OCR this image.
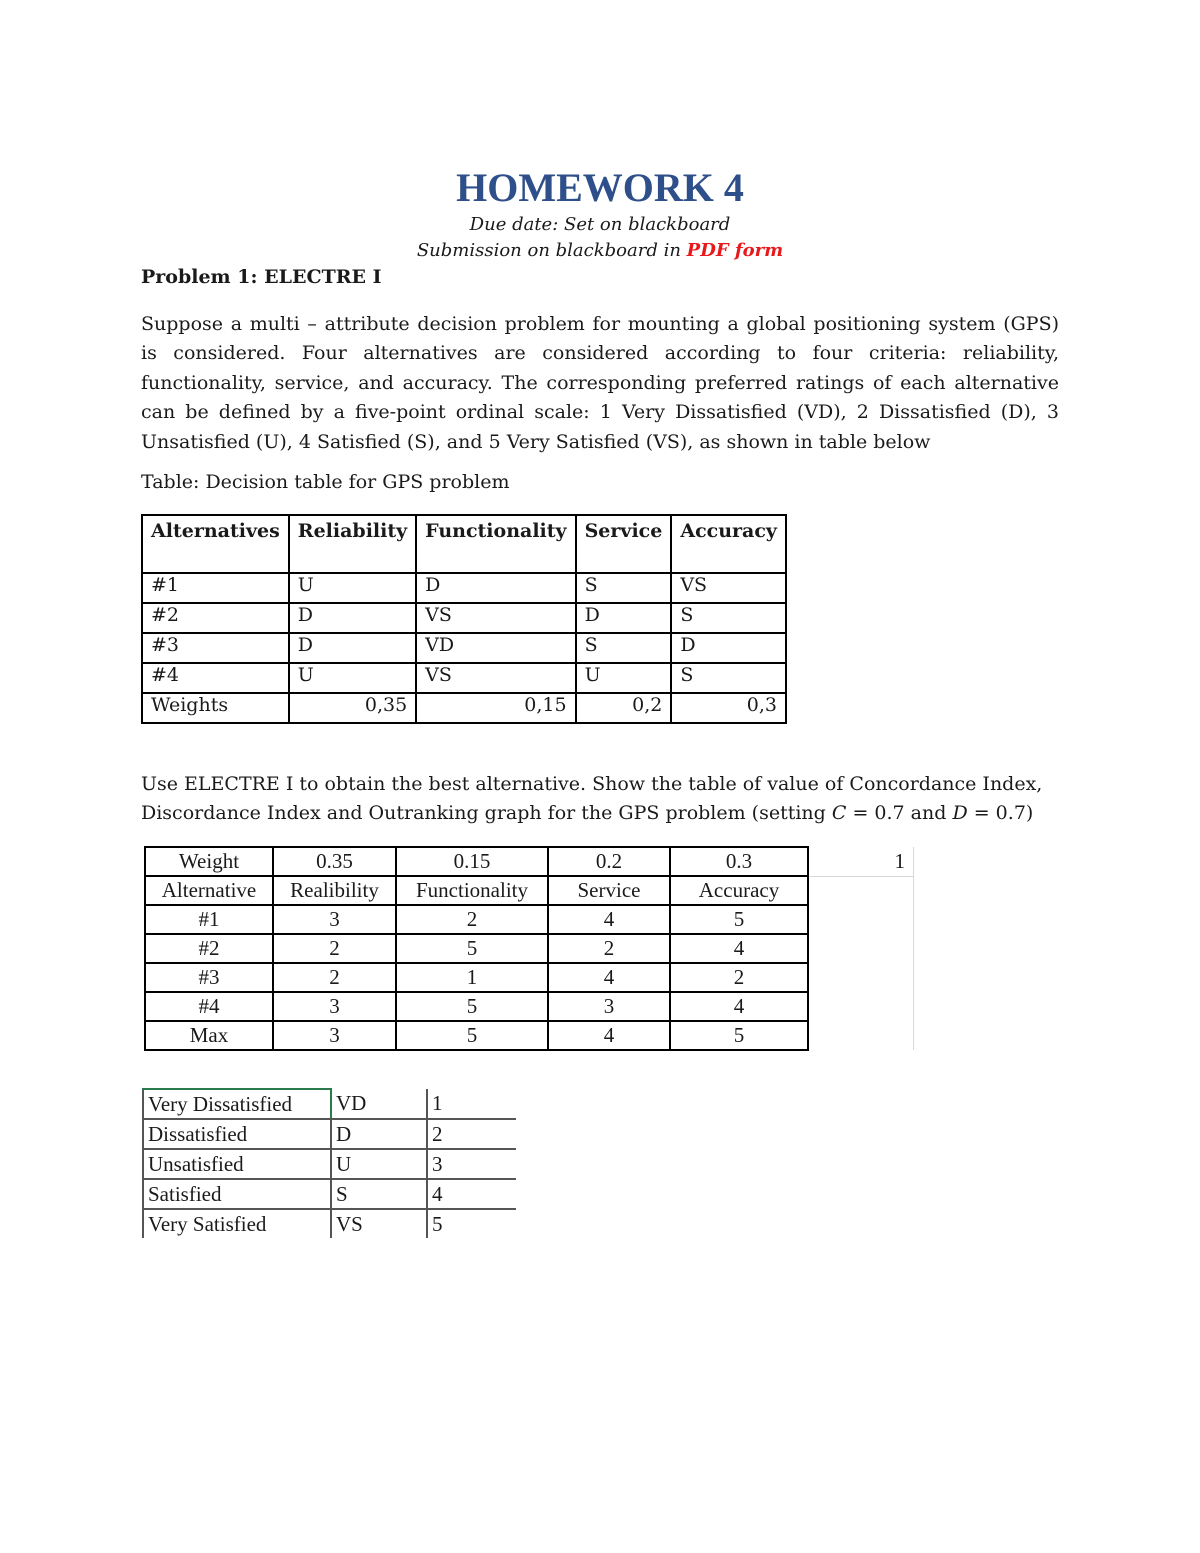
HOMEWORK 4
Due date: Set on blackboard
Submission on blackboard in PDF form
Problem 1: ELECTRE I
Suppose a multi – attribute decision problem for mounting a global positioning system (GPS) is considered. Four alternatives are considered according to four criteria: reliability, functionality, service, and accuracy. The corresponding preferred ratings of each alternative can be defined by a five-point ordinal scale: 1 Very Dissatisfied (VD), 2 Dissatisfied (D), 3 Unsatisfied (U), 4 Satisfied (S), and 5 Very Satisfied (VS), as shown in table below
Table: Decision table for GPS problem
Alternatives	Reliability	Functionality	Service	Accuracy
#1	U	D	S	VS
#2	D	VS	D	S
#3	D	VD	S	D
#4	U	VS	U	S
Weights	0,35	0,15	0,2	0,3
Use ELECTRE I to obtain the best alternative. Show the table of value of Concordance Index, Discordance Index and Outranking graph for the GPS problem (setting C = 0.7 and D = 0.7)
Weight	0.35	0.15	0.2	0.3	1
Alternative	Realibility	Functionality	Service	Accuracy	
#1	3	2	4	5	
#2	2	5	2	4	
#3	2	1	4	2	
#4	3	5	3	4	
Max	3	5	4	5	
Very Dissatisfied	VD	1
Dissatisfied	D	2
Unsatisfied	U	3
Satisfied	S	4
Very Satisfied	VS	5
